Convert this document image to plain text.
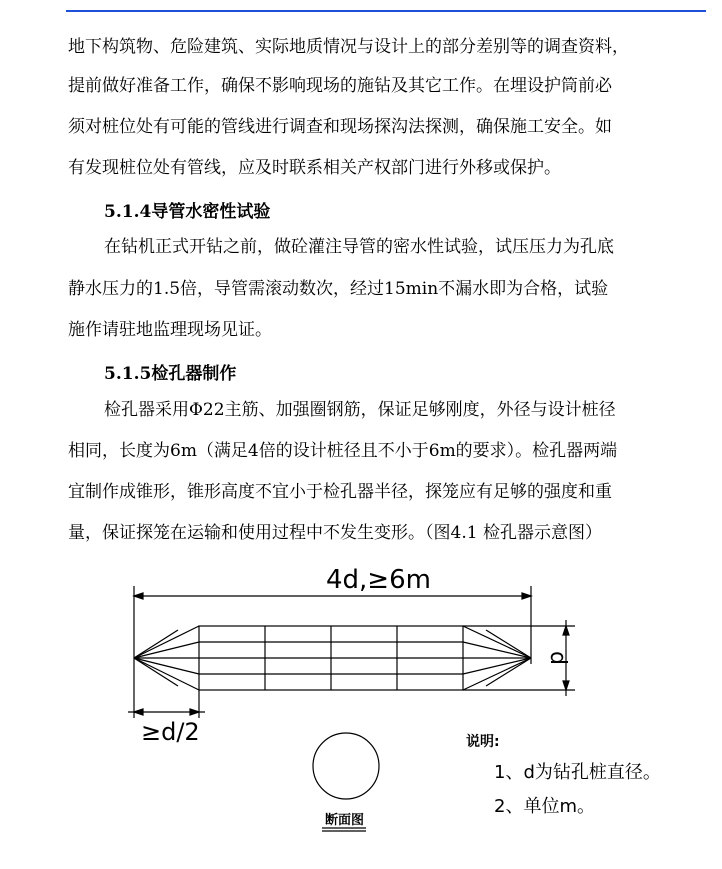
地下构筑物、危险建筑、实际地质情况与设计上的部分差别等的调查资料，
提前做好准备工作，确保不影响现场的施钻及其它工作。在埋设护筒前必
须对桩位处有可能的管线进行调查和现场探沟法探测，确保施工安全。如
有发现桩位处有管线，应及时联系相关产权部门进行外移或保护。
5.1.4导管水密性试验
在钻机正式开钻之前，做砼灌注导管的密水性试验，试压压力为孔底
静水压力的1.5倍，导管需滚动数次，经过15min不漏水即为合格，试验
施作请驻地监理现场见证。
5.1.5检孔器制作
检孔器采用Φ22主筋、加强圈钢筋，保证足够刚度，外径与设计桩径
相同，长度为6m（满足4倍的设计桩径且不小于6m的要求）。检孔器两端
宜制作成锥形，锥形高度不宜小于检孔器半径，探笼应有足够的强度和重
量，保证探笼在运输和使用过程中不发生变形。（图4.1 检孔器示意图）
4d,≥6m
d
≥d/2
断面图
说明:
1、d为钻孔桩直径。
2、单位m。
